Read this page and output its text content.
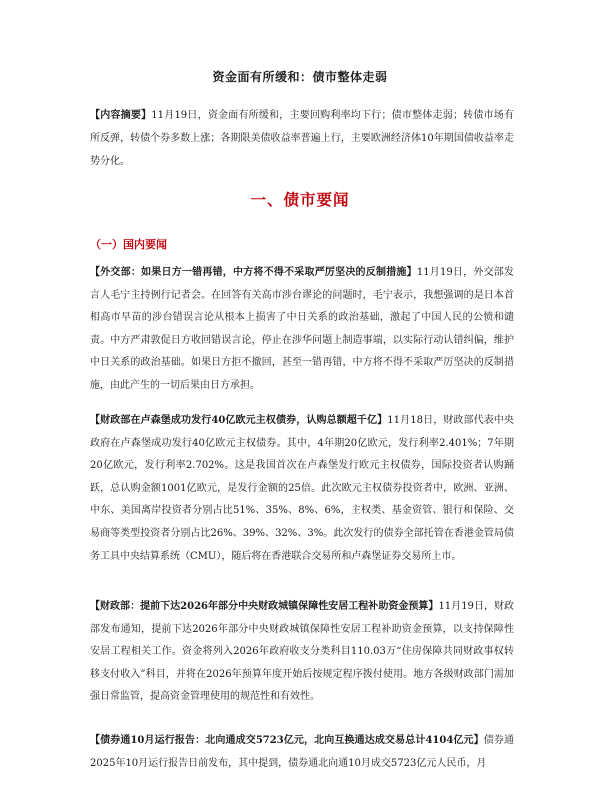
资金面有所缓和：债市整体走弱

【内容摘要】11月19日，资金面有所缓和，主要回购利率均下行；债市整体走弱；转债市场有所反弹，转债个券多数上涨；各期限美债收益率普遍上行，主要欧洲经济体10年期国债收益率走势分化。

一、债市要闻
（一）国内要闻

【外交部：如果日方一错再错，中方将不得不采取严厉坚决的反制措施】11月19日，外交部发言人毛宁主持例行记者会。在回答有关高市涉台谬论的问题时，毛宁表示，我想强调的是日本首相高市早苗的涉台错误言论从根本上损害了中日关系的政治基础，激起了中国人民的公愤和谴责。中方严肃敦促日方收回错误言论，停止在涉华问题上制造事端，以实际行动认错纠偏，维护中日关系的政治基础。如果日方拒不撤回，甚至一错再错，中方将不得不采取严厉坚决的反制措施，由此产生的一切后果由日方承担。

【财政部在卢森堡成功发行40亿欧元主权债券，认购总额超千亿】11月18日，财政部代表中央政府在卢森堡成功发行40亿欧元主权债券。其中，4年期20亿欧元，发行利率2.401%；7年期20亿欧元，发行利率2.702%。这是我国首次在卢森堡发行欧元主权债券，国际投资者认购踊跃，总认购金额1001亿欧元，是发行金额的25倍。此次欧元主权债券投资者中，欧洲、亚洲、中东、美国离岸投资者分别占比51%、35%、8%、6%，主权类、基金资管、银行和保险、交易商等类型投资者分别占比26%、39%、32%、3%。此次发行的债券全部托管在香港金管局债务工具中央结算系统（CMU），随后将在香港联合交易所和卢森堡证券交易所上市。

【财政部：提前下达2026年部分中央财政城镇保障性安居工程补助资金预算】11月19日，财政部发布通知，提前下达2026年部分中央财政城镇保障性安居工程补助资金预算，以支持保障性安居工程相关工作。资金将列入2026年政府收支分类科目110.03万“住房保障共同财政事权转移支付收入”科目，并将在2026年预算年度开始后按规定程序拨付使用。地方各级财政部门需加强日常监管，提高资金管理使用的规范性和有效性。

【债券通10月运行报告：北向通成交5723亿元，北向互换通达成交易总计4104亿元】债券通2025年10月运行报告日前发布，其中提到，债券通北向通10月成交5723亿元人民币，月
